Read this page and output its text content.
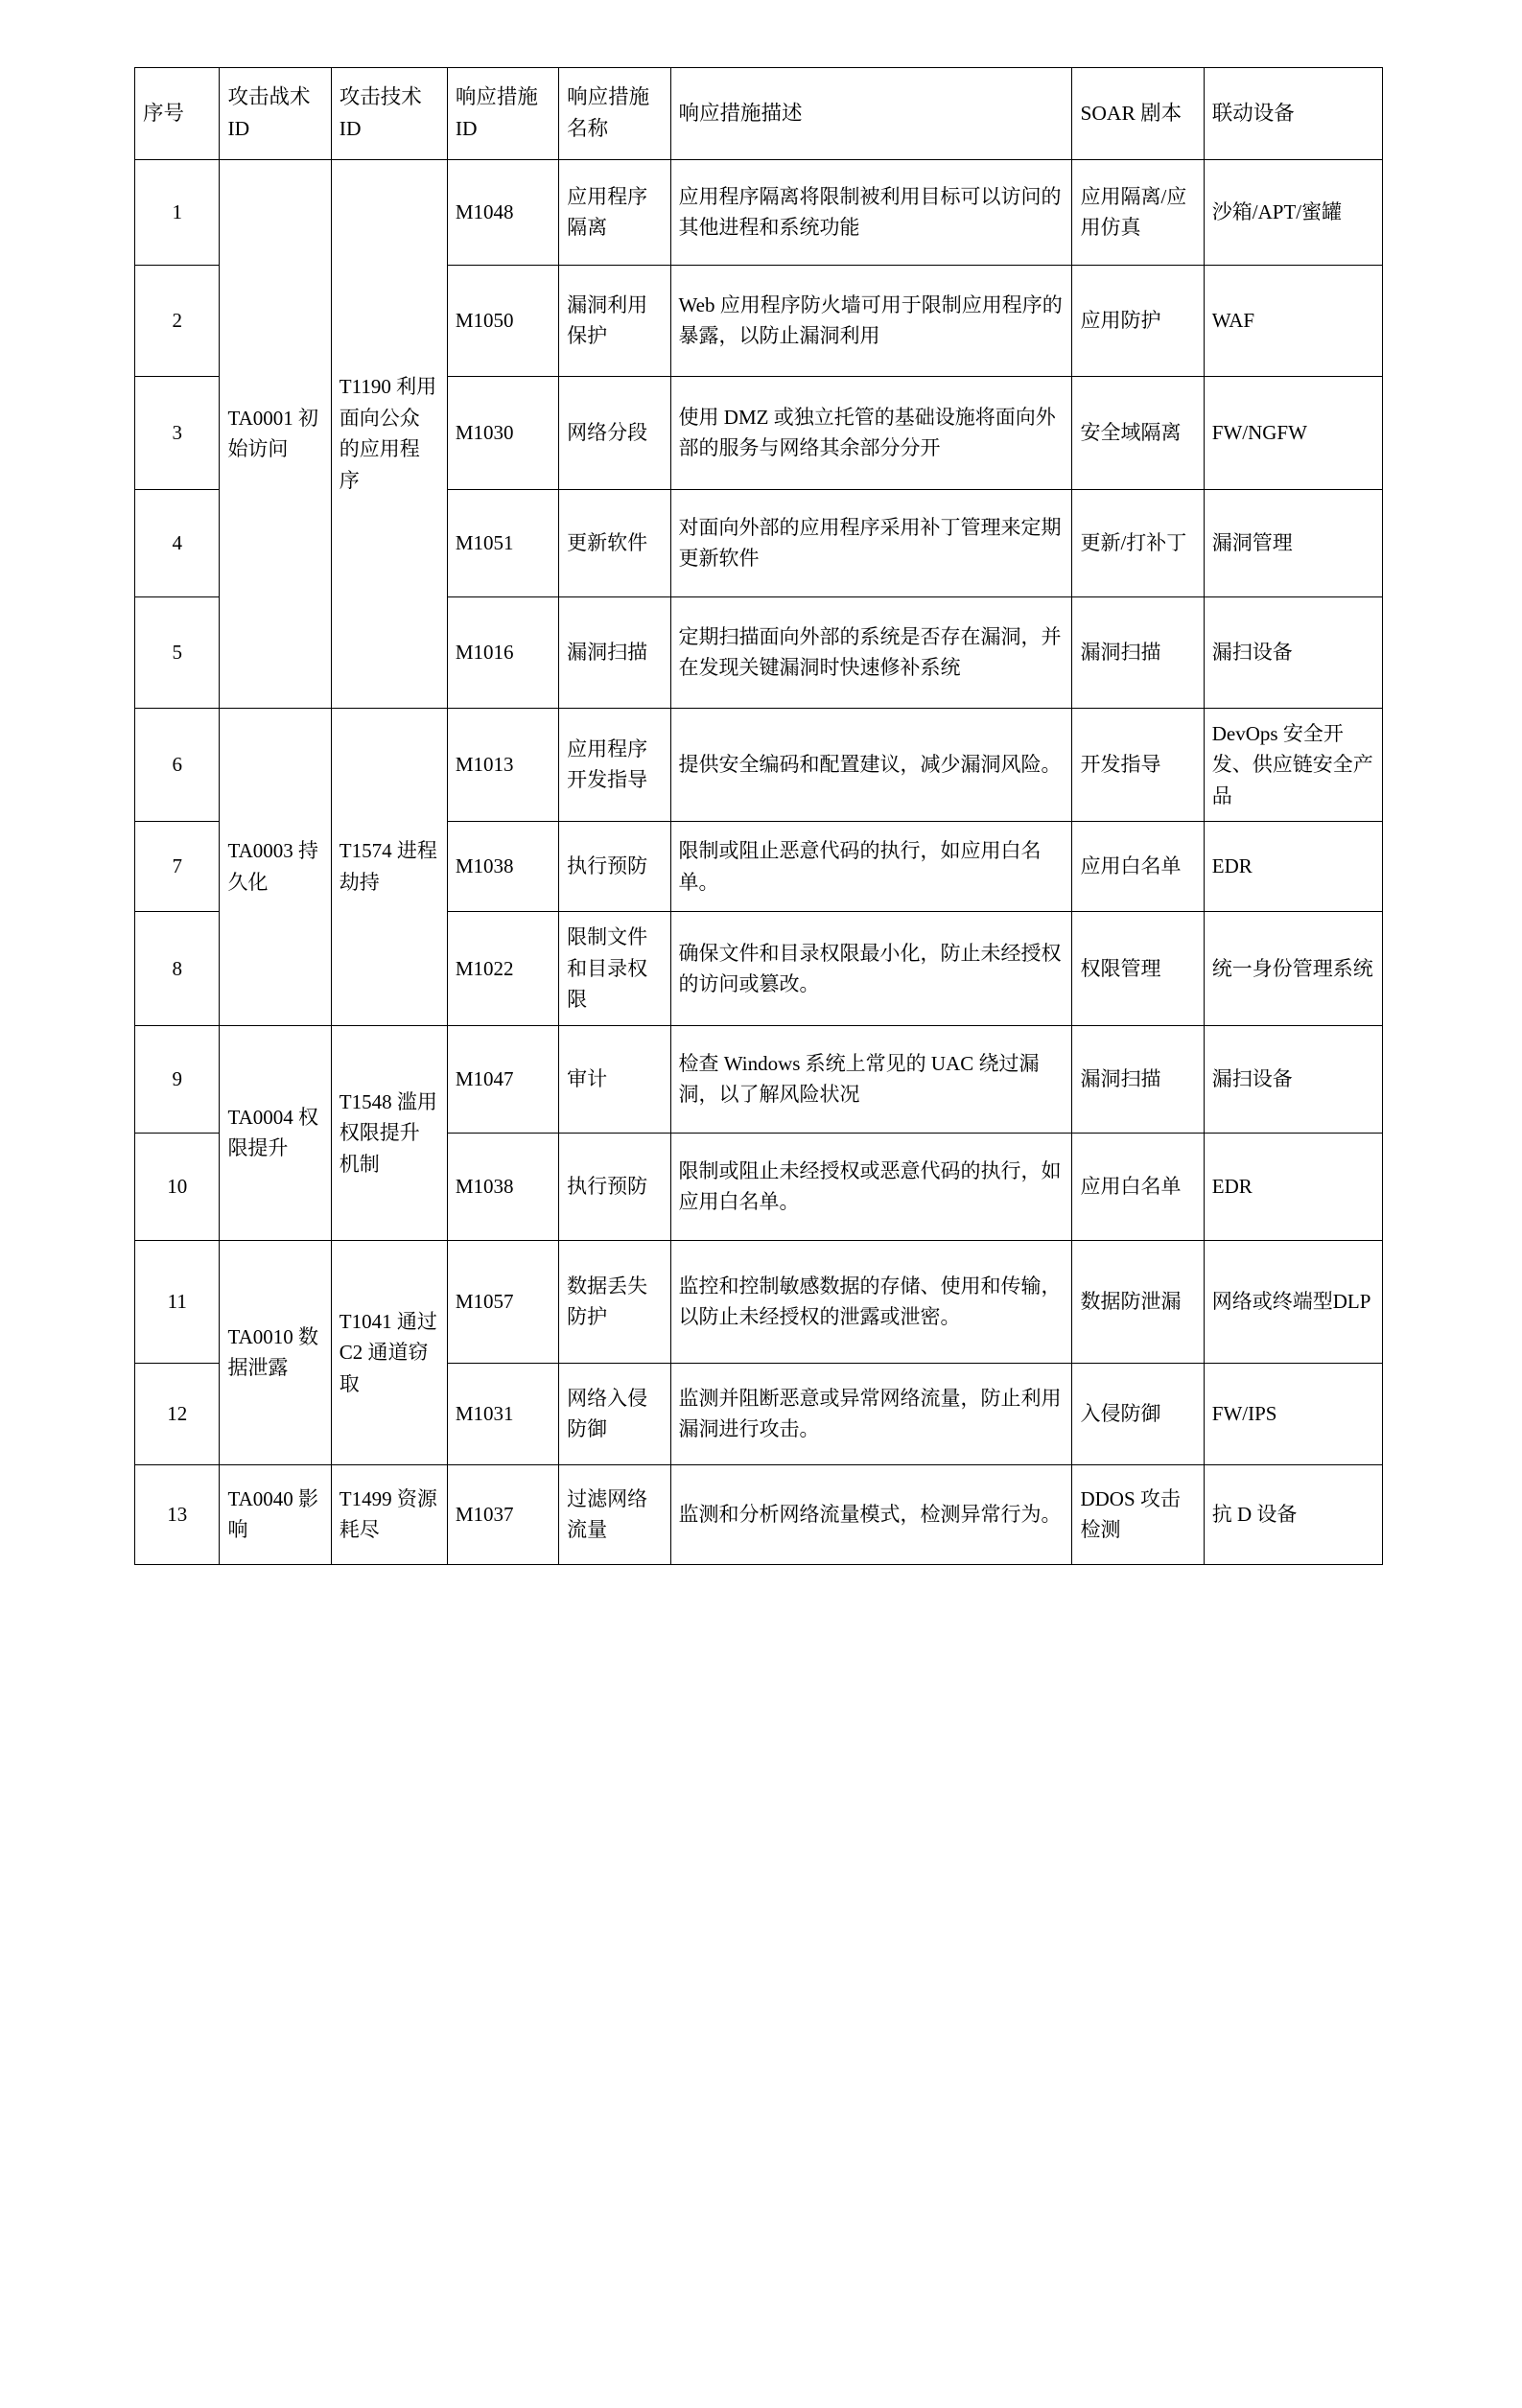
序号	攻击战术 ID	攻击技术 ID	响应措施 ID	响应措施名称	响应措施描述	SOAR 剧本	联动设备
1	TA0001 初始访问	T1190 利用面向公众的应用程序	M1048	应用程序隔离	应用程序隔离将限制被利用目标可以访问的其他进程和系统功能	应用隔离/应用仿真	沙箱/APT/蜜罐
2			M1050	漏洞利用保护	Web 应用程序防火墙可用于限制应用程序的暴露，以防止漏洞利用	应用防护	WAF
3			M1030	网络分段	使用 DMZ 或独立托管的基础设施将面向外部的服务与网络其余部分分开	安全域隔离	FW/NGFW
4			M1051	更新软件	对面向外部的应用程序采用补丁管理来定期更新软件	更新/打补丁	漏洞管理
5			M1016	漏洞扫描	定期扫描面向外部的系统是否存在漏洞，并在发现关键漏洞时快速修补系统	漏洞扫描	漏扫设备
6	TA0003 持久化	T1574 进程劫持	M1013	应用程序开发指导	提供安全编码和配置建议，减少漏洞风险。	开发指导	DevOps 安全开发、供应链安全产品
7			M1038	执行预防	限制或阻止恶意代码的执行，如应用白名单。	应用白名单	EDR
8			M1022	限制文件和目录权限	确保文件和目录权限最小化，防止未经授权的访问或篡改。	权限管理	统一身份管理系统
9	TA0004 权限提升	T1548 滥用权限提升机制	M1047	审计	检查 Windows 系统上常见的 UAC 绕过漏洞，以了解风险状况	漏洞扫描	漏扫设备
10			M1038	执行预防	限制或阻止未经授权或恶意代码的执行，如应用白名单。	应用白名单	EDR
11	TA0010 数据泄露	T1041 通过 C2 通道窃取	M1057	数据丢失防护	监控和控制敏感数据的存储、使用和传输，以防止未经授权的泄露或泄密。	数据防泄漏	网络或终端型DLP
12			M1031	网络入侵防御	监测并阻断恶意或异常网络流量，防止利用漏洞进行攻击。	入侵防御	FW/IPS
13	TA0040 影响	T1499 资源耗尽	M1037	过滤网络流量	监测和分析网络流量模式，检测异常行为。	DDOS 攻击检测	抗 D 设备
